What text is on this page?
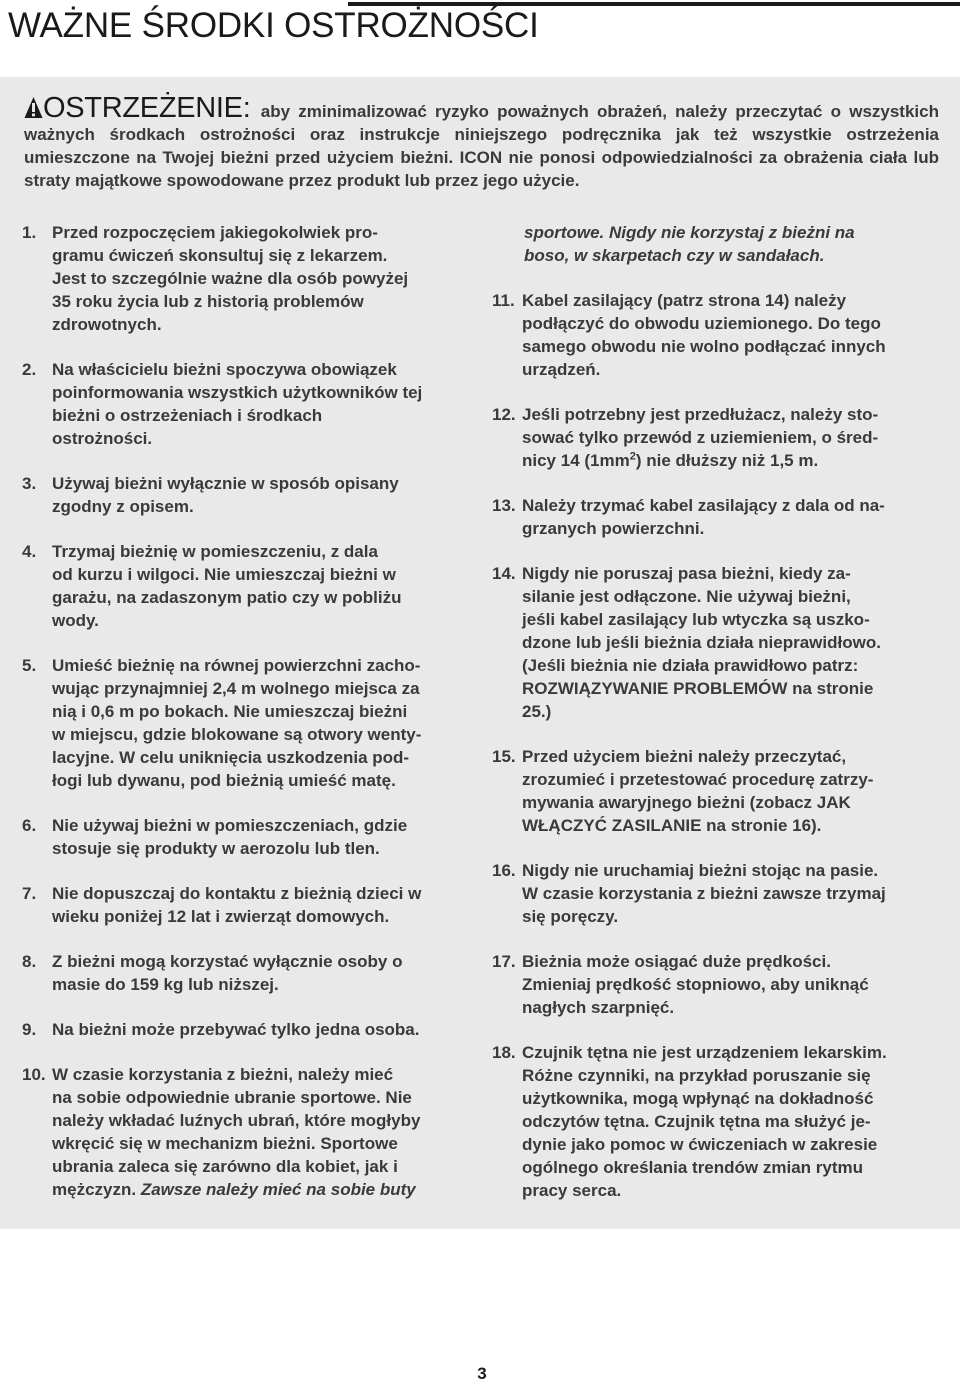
WAŻNE ŚRODKI OSTROŻNOŚCI
OSTRZEŻENIE: aby zminimalizować ryzyko poważnych obrażeń, należy przeczytać o wszystkich ważnych środkach ostrożności oraz instrukcje niniejszego podręcznika jak też wszystkie ostrzeżenia umieszczone na Twojej bieżni przed użyciem bieżni. ICON nie ponosi odpowiedzialności za obrażenia ciała lub straty majątkowe spowodowane przez produkt lub przez jego użycie.
1. Przed rozpoczęciem jakiegokolwiek pro-
gramu ćwiczeń skonsultuj się z lekarzem.
Jest to szczególnie ważne dla osób powyżej
35 roku życia lub z historią problemów
zdrowotnych.
2. Na właścicielu bieżni spoczywa obowiązek
poinformowania wszystkich użytkowników tej
bieżni o ostrzeżeniach i środkach
ostrożności.
3. Używaj bieżni wyłącznie w sposób opisany
zgodny z opisem.
4. Trzymaj bieżnię w pomieszczeniu, z dala
od kurzu i wilgoci. Nie umieszczaj bieżni w
garażu, na zadaszonym patio czy w pobliżu
wody.
5. Umieść bieżnię na równej powierzchni zacho-
wując przynajmniej 2,4 m wolnego miejsca za
nią i 0,6 m po bokach. Nie umieszczaj bieżni
w miejscu, gdzie blokowane są otwory wenty-
lacyjne. W celu uniknięcia uszkodzenia pod-
łogi lub dywanu, pod bieżnią umieść matę.
6. Nie używaj bieżni w pomieszczeniach, gdzie
stosuje się produkty w aerozolu lub tlen.
7. Nie dopuszczaj do kontaktu z bieżnią dzieci w
wieku poniżej 12 lat i zwierząt domowych.
8. Z bieżni mogą korzystać wyłącznie osoby o
masie do 159 kg lub niższej.
9. Na bieżni może przebywać tylko jedna osoba.
10. W czasie korzystania z bieżni, należy mieć
na sobie odpowiednie ubranie sportowe. Nie
należy wkładać luźnych ubrań, które mogłyby
wkręcić się w mechanizm bieżni. Sportowe
ubrania zaleca się zarówno dla kobiet, jak i
mężczyzn. Zawsze należy mieć na sobie buty
sportowe. Nigdy nie korzystaj z bieżni na
boso, w skarpetach czy w sandałach.
11. Kabel zasilający (patrz strona 14) należy
podłączyć do obwodu uziemionego. Do tego
samego obwodu nie wolno podłączać innych
urządzeń.
12. Jeśli potrzebny jest przedłużacz, należy sto-
sować tylko przewód z uziemieniem, o śred-
nicy 14 $(1mm^2)$ nie dłuższy niż 1,5 m.
13. Należy trzymać kabel zasilający z dala od na-
grzanych powierzchni.
14. Nigdy nie poruszaj pasa bieżni, kiedy za-
silanie jest odłączone. Nie używaj bieżni,
jeśli kabel zasilający lub wtyczka są uszko-
dzone lub jeśli bieżnia działa nieprawidłowo.
(Jeśli bieżnia nie działa prawidłowo patrz:
ROZWIĄZYWANIE PROBLEMÓW na stronie
25.)
15. Przed użyciem bieżni należy przeczytać,
zrozumieć i przetestować procedurę zatrzy-
mywania awaryjnego bieżni (zobacz JAK
WŁĄCZYĆ ZASILANIE na stronie 16).
16. Nigdy nie uruchamiaj bieżni stojąc na pasie.
W czasie korzystania z bieżni zawsze trzymaj
się poręczy.
17. Bieżnia może osiągać duże prędkości.
Zmieniaj prędkość stopniowo, aby uniknąć
nagłych szarpnięć.
18. Czujnik tętna nie jest urządzeniem lekarskim.
Różne czynniki, na przykład poruszanie się
użytkownika, mogą wpłynąć na dokładność
odczytów tętna. Czujnik tętna ma służyć je-
dynie jako pomoc w ćwiczeniach w zakresie
ogólnego określania trendów zmian rytmu
pracy serca.
3
